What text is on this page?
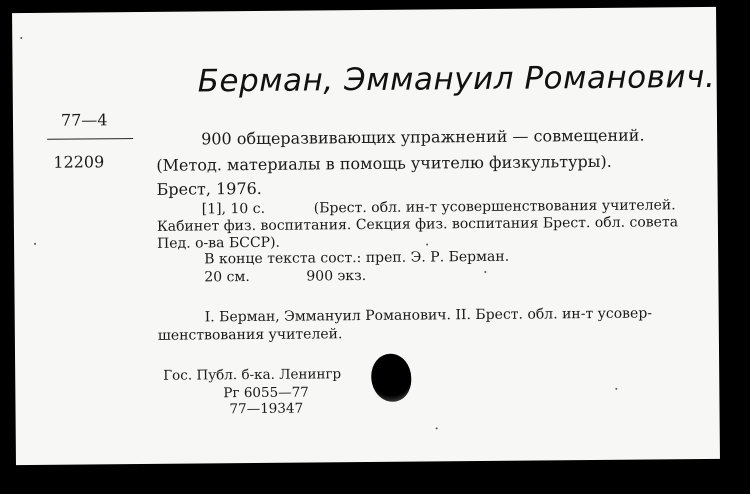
Берман, Эммануил Романович.
77—4
12209
900 общеразвивающих упражнений — совмещений.
(Метод. материалы в помощь учителю физкультуры).
Брест, 1976.
[1], 10 с.	(Брест. обл. ин-т усовершенствования учителей.
Кабинет физ. воспитания. Секция физ. воспитания Брест. обл. совета
Пед. о-ва БССР).
В конце текста сост.: преп. Э. Р. Берман.
20 см.	900 экз.
I. Берман, Эммануил Романович. II. Брест. обл. ин-т усовер-
шенствования учителей.
Гос. Публ. б-ка. Ленингр
Рг 6055—77
77—19347
